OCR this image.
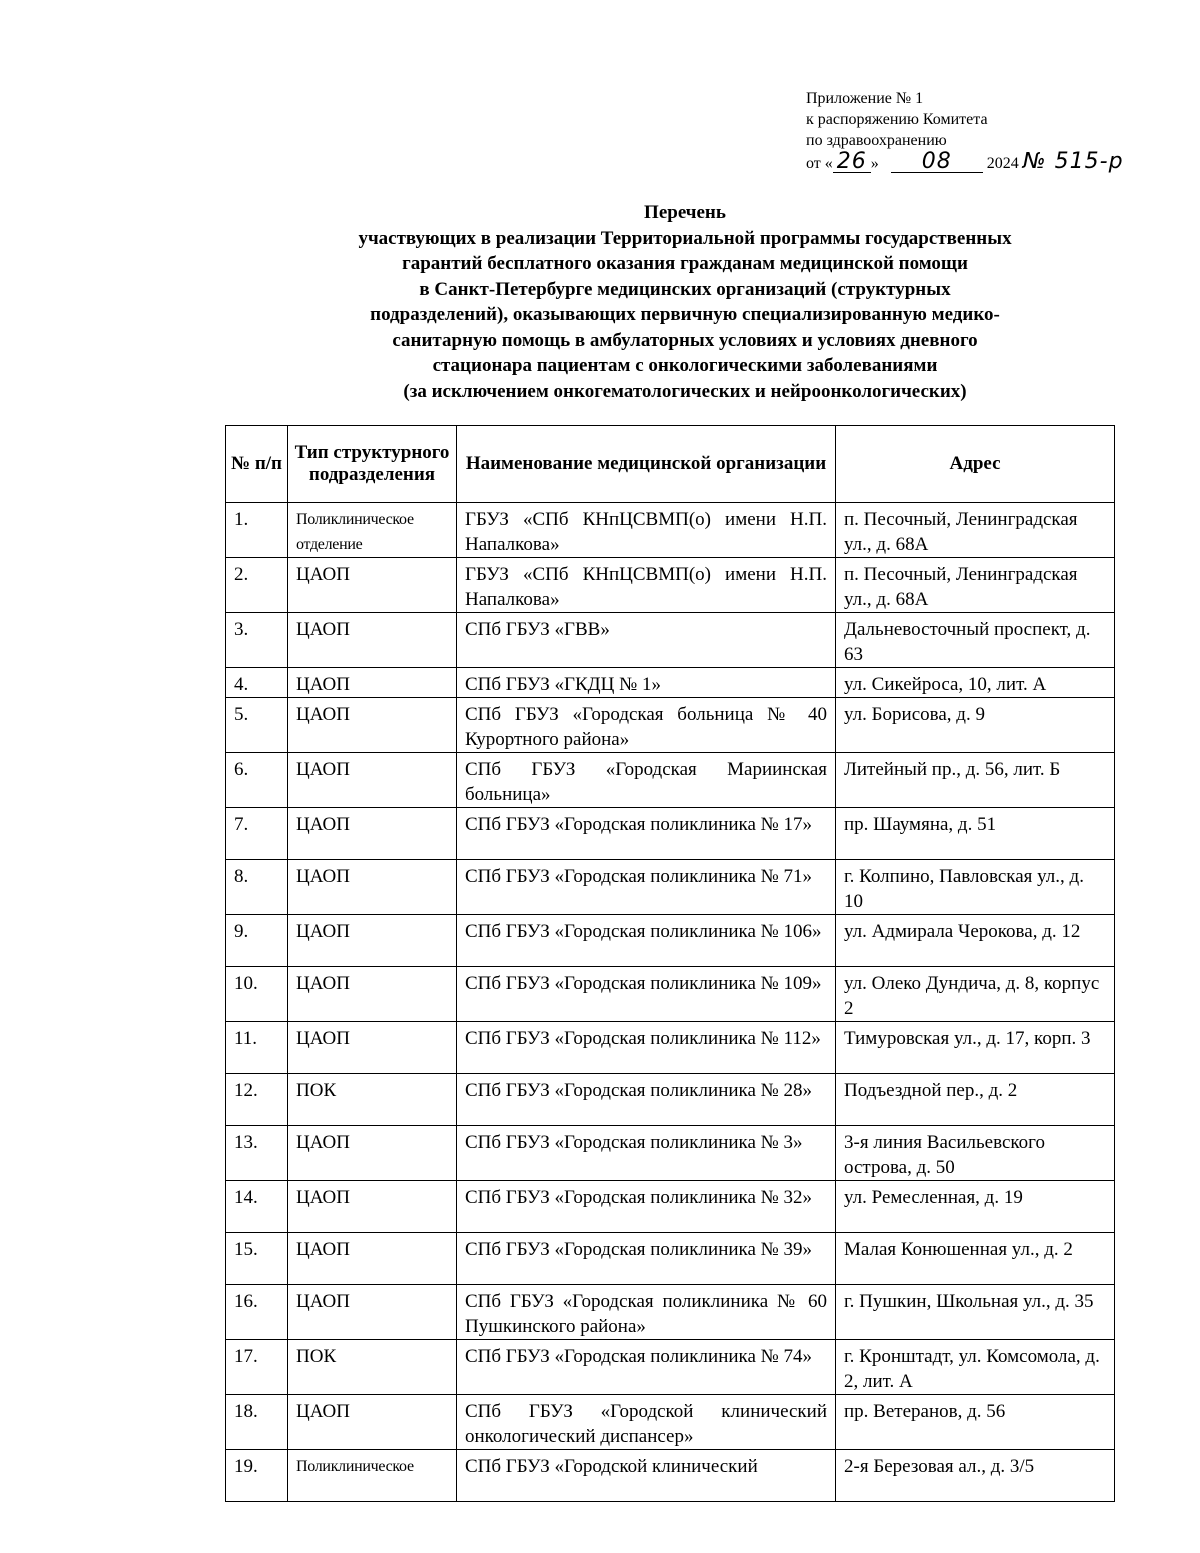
Приложение № 1
к распоряжению Комитета
по здравоохранению
от « 26 » 08 2024 № 515-р
Перечень
участвующих в реализации Территориальной программы государственных
гарантий бесплатного оказания гражданам медицинской помощи
в Санкт-Петербурге медицинских организаций (структурных
подразделений), оказывающих первичную специализированную медико-
санитарную помощь в амбулаторных условиях и условиях дневного
стационара пациентам с онкологическими заболеваниями
(за исключением онкогематологических и нейроонкологических)
№ п/п	Тип структурного подразделения	Наименование медицинской организации	Адрес
1.	Поликлиническое отделение	ГБУЗ «СПб КНпЦСВМП(о) имени Н.П. Напалкова»	п. Песочный, Ленинградская ул., д. 68А
2.	ЦАОП	ГБУЗ «СПб КНпЦСВМП(о) имени Н.П. Напалкова»	п. Песочный, Ленинградская ул., д. 68А
3.	ЦАОП	СПб ГБУЗ «ГВВ»	Дальневосточный проспект, д. 63
4.	ЦАОП	СПб ГБУЗ «ГКДЦ № 1»	ул. Сикейроса, 10, лит. А
5.	ЦАОП	СПб ГБУЗ «Городская больница № 40 Курортного района»	ул. Борисова, д. 9
6.	ЦАОП	СПб ГБУЗ «Городская Мариинская больница»	Литейный пр., д. 56, лит. Б
7.	ЦАОП	СПб ГБУЗ «Городская поликлиника № 17»	пр. Шаумяна, д. 51
8.	ЦАОП	СПб ГБУЗ «Городская поликлиника № 71»	г. Колпино, Павловская ул., д. 10
9.	ЦАОП	СПб ГБУЗ «Городская поликлиника № 106»	ул. Адмирала Черокова, д. 12
10.	ЦАОП	СПб ГБУЗ «Городская поликлиника № 109»	ул. Олеко Дундича, д. 8, корпус 2
11.	ЦАОП	СПб ГБУЗ «Городская поликлиника № 112»	Тимуровская ул., д. 17, корп. 3
12.	ПОК	СПб ГБУЗ «Городская поликлиника № 28»	Подъездной пер., д. 2
13.	ЦАОП	СПб ГБУЗ «Городская поликлиника № 3»	3-я линия Васильевского острова, д. 50
14.	ЦАОП	СПб ГБУЗ «Городская поликлиника № 32»	ул. Ремесленная, д. 19
15.	ЦАОП	СПб ГБУЗ «Городская поликлиника № 39»	Малая Конюшенная ул., д. 2
16.	ЦАОП	СПб ГБУЗ «Городская поликлиника № 60 Пушкинского района»	г. Пушкин, Школьная ул., д. 35
17.	ПОК	СПб ГБУЗ «Городская поликлиника № 74»	г. Кронштадт, ул. Комсомола, д. 2, лит. А
18.	ЦАОП	СПб ГБУЗ «Городской клинический онкологический диспансер»	пр. Ветеранов, д. 56
19.	Поликлиническое	СПб ГБУЗ «Городской клинический	2-я Березовая ал., д. 3/5
